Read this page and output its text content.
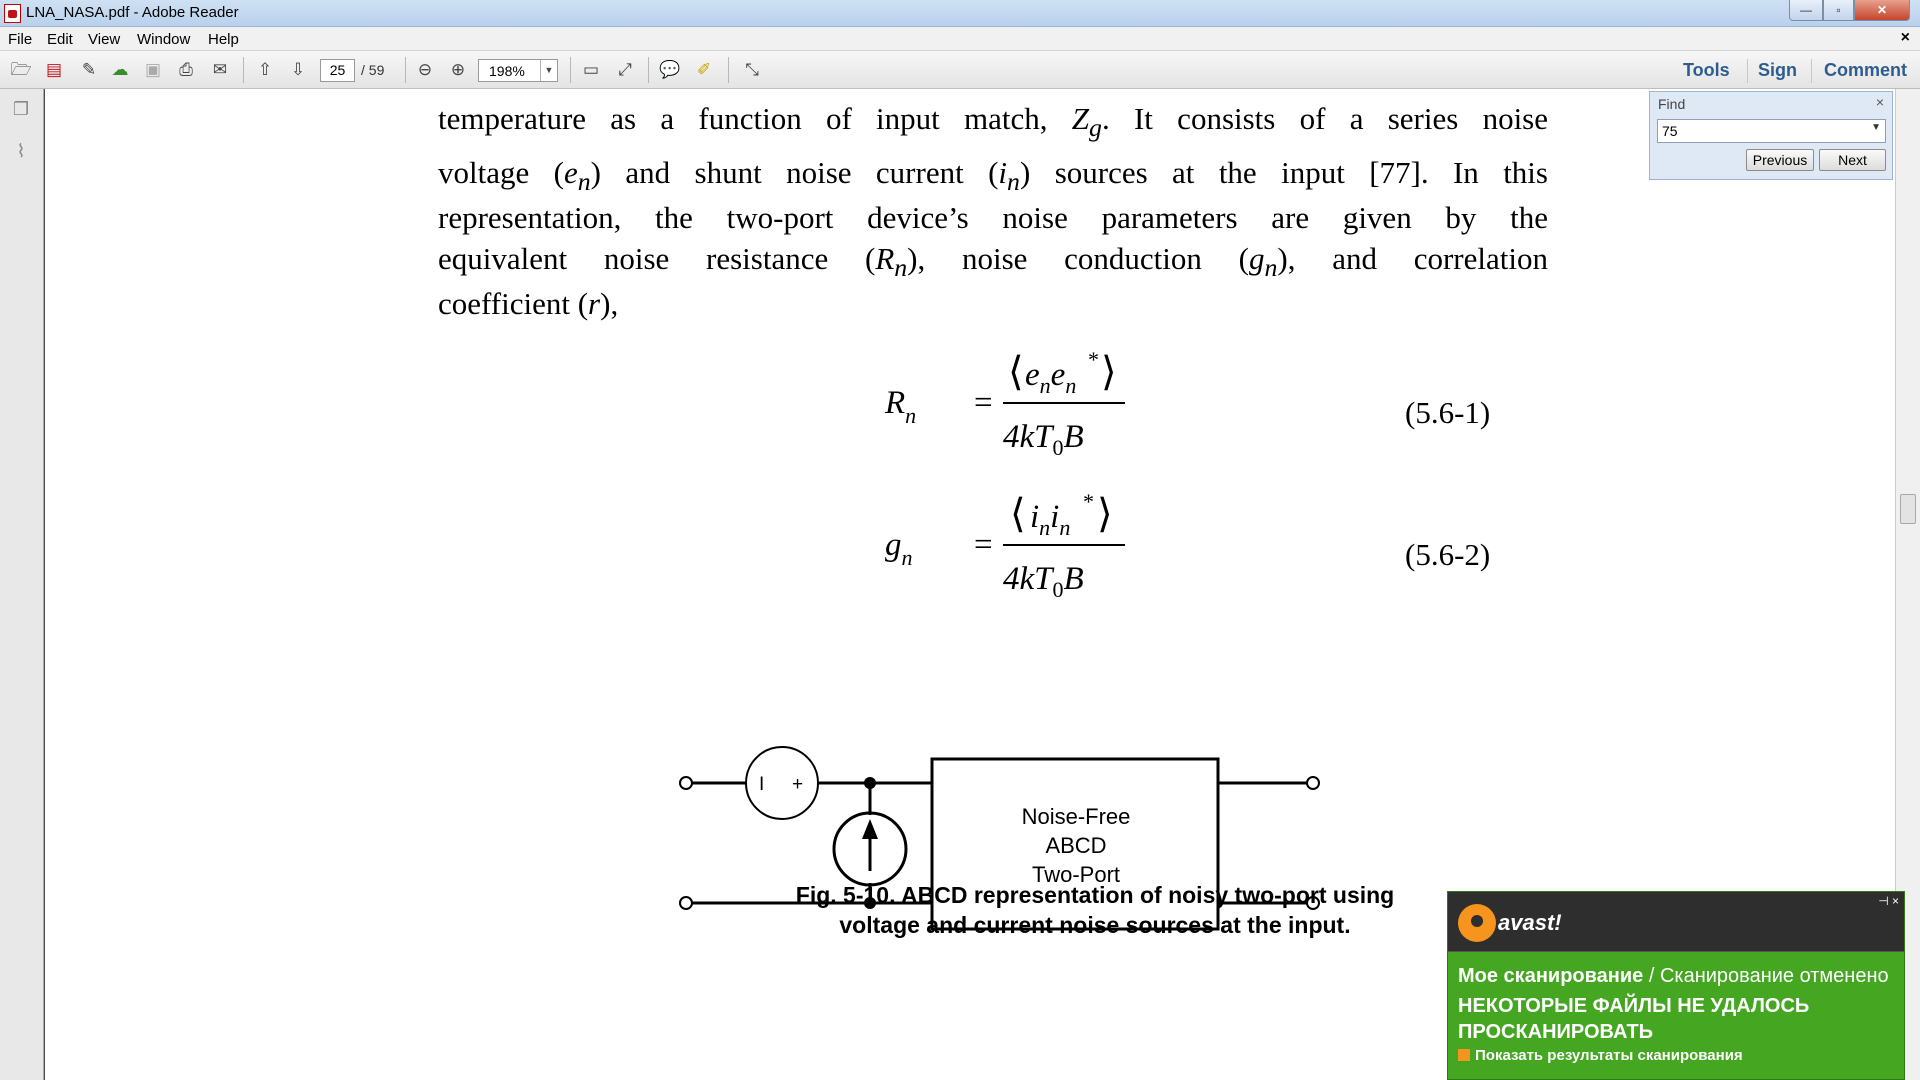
LNA_NASA.pdf - Adobe Reader	—	▫	✕
File Edit View Window Help	×
🗁 ▤ ✎ ☁ ▣	⎙	✉ ⇧ ⇩	25	/ 59 ⊖ ⊕	198%	▼ ▭	⤢	💬 ✐	⤡	Tools Sign Comment
❐
⌇
temperature as a function of input match, $Z_g$. It consists of a series noise
voltage $(e_n)$ and shunt noise current $(i_n)$ sources at the input [77]. In this
representation, the two-port device’s noise parameters are given by the
equivalent noise resistance $(R_n)$, noise conduction $(g_n)$, and correlation
coefficient (r),
$R_n$ =
⟨ $e_ne_n$
* ⟩
$4kT_0B$
(5.6-1)
$g_n$ =
⟨ $i_ni_n$
* ⟩
$4kT_0B$
(5.6-2)
I +
Noise-Free
ABCD
Two-Port
Fig. 5-10. ABCD representation of noisy two-port using
voltage and current noise sources at the input.
Find	×
75	▼
Previous	Next
avast!
⊣ ×
Мое сканирование / Сканирование отменено
НЕКОТОРЫЕ ФАЙЛЫ НЕ УДАЛОСЬ ПРОСКАНИРОВАТЬ
Показать результаты сканирования
